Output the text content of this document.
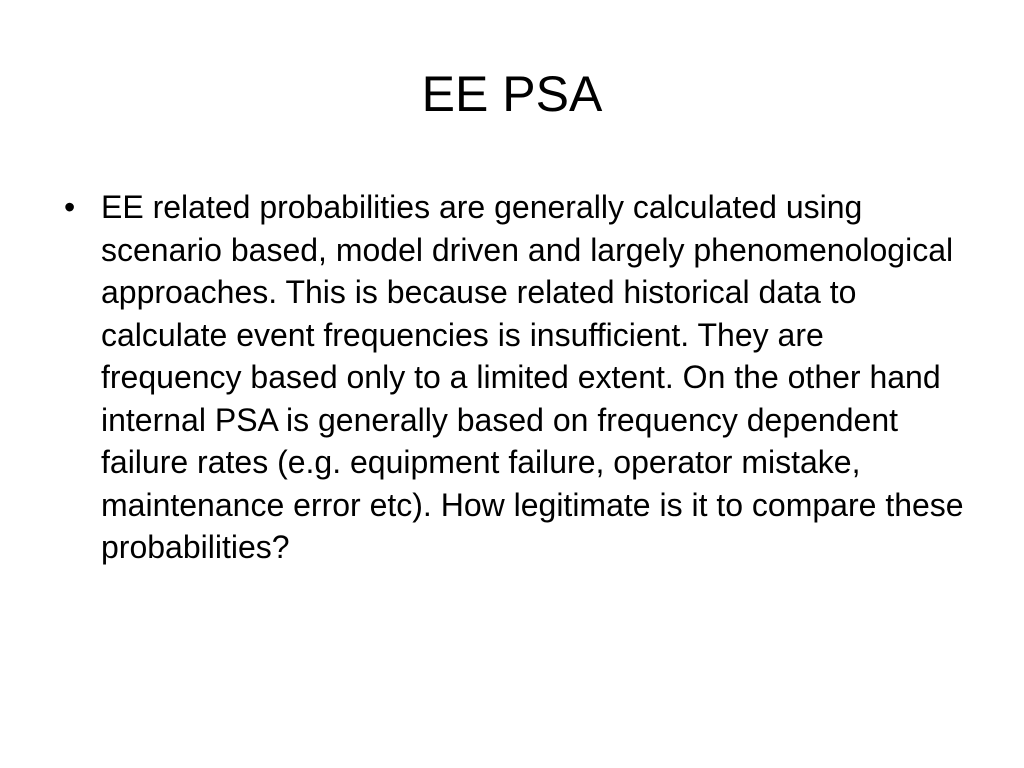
EE PSA
• EE related probabilities are generally calculated using scenario based, model driven and largely phenomenological approaches. This is because related historical data to calculate event frequencies is insufficient. They are frequency based only to a limited extent. On the other hand internal PSA is generally based on frequency dependent failure rates (e.g. equipment failure, operator mistake, maintenance error etc). How legitimate is it to compare these probabilities?
